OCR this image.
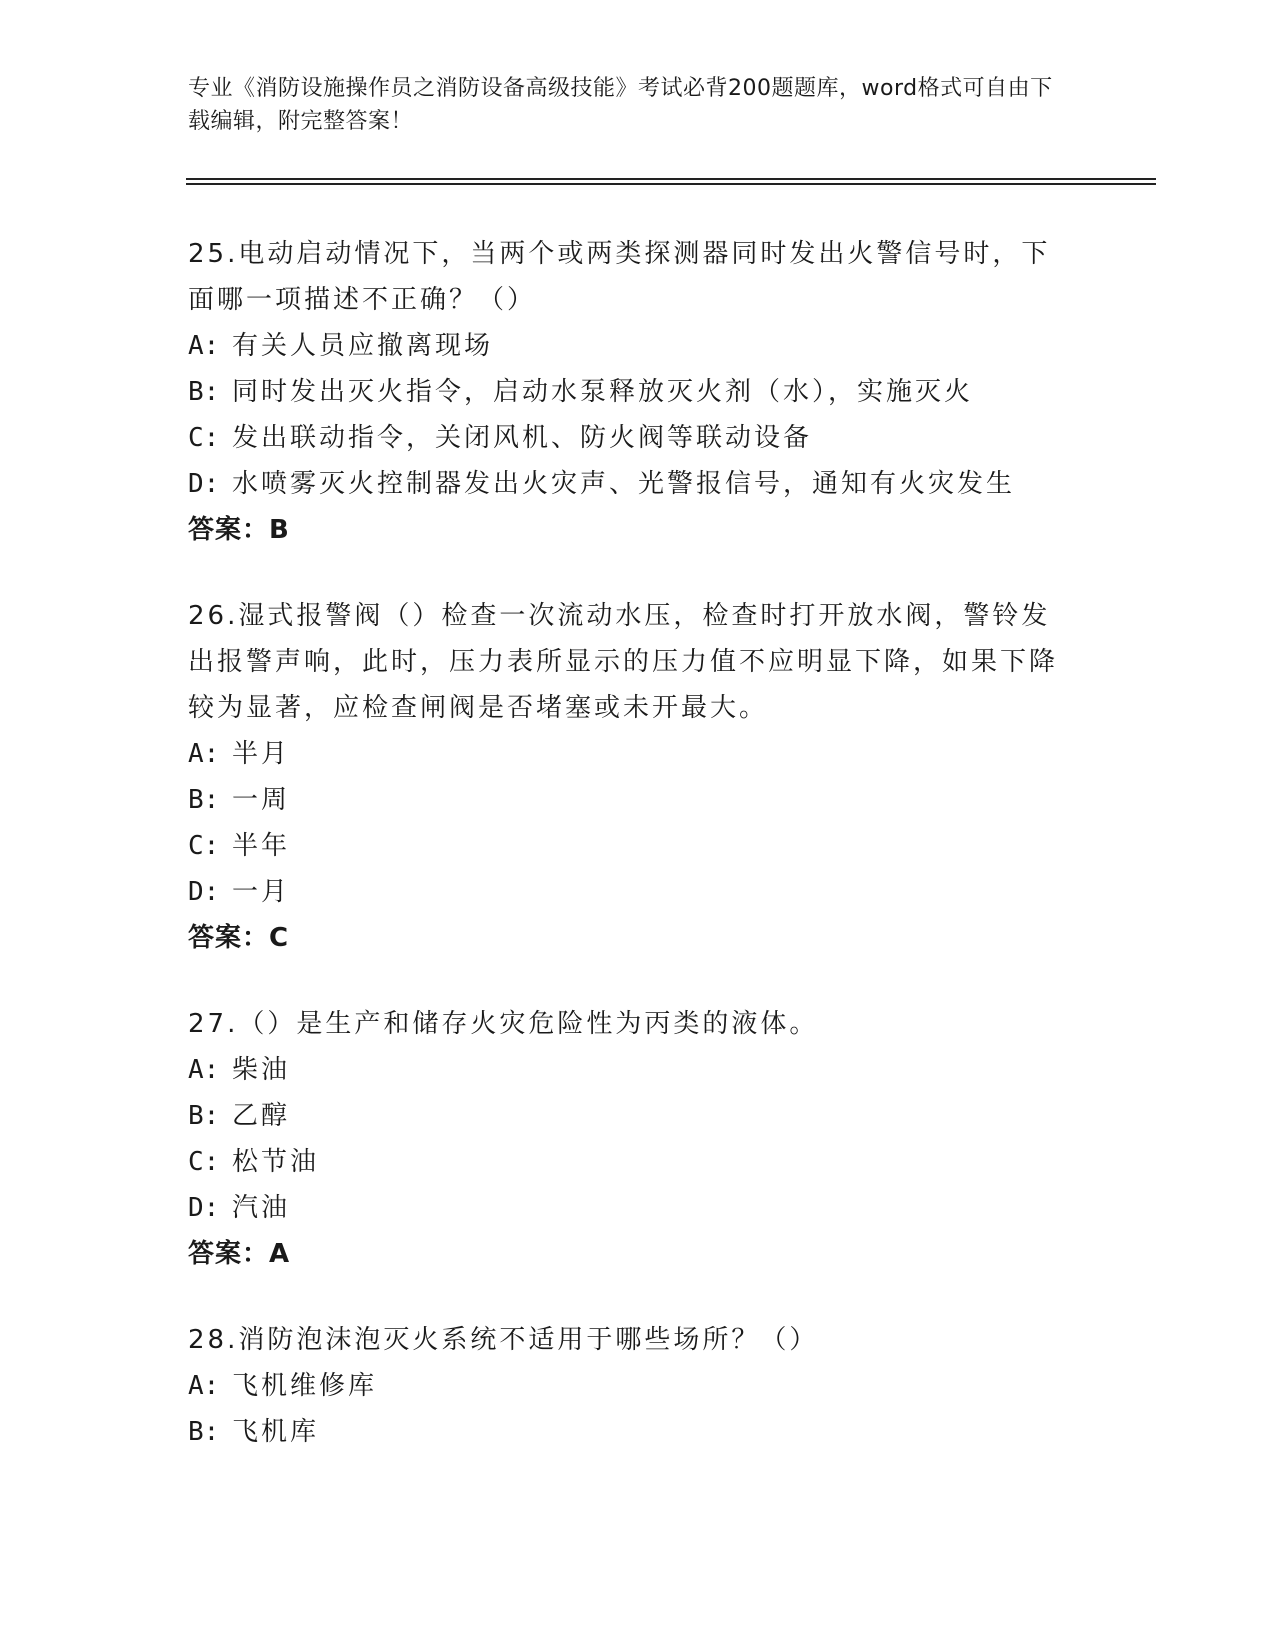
专业《消防设施操作员之消防设备高级技能》考试必背200题题库，word格式可自由下载编辑，附完整答案！

25.电动启动情况下，当两个或两类探测器同时发出火警信号时，下面哪一项描述不正确？（）

A: 有关人员应撤离现场

B: 同时发出灭火指令，启动水泵释放灭火剂（水），实施灭火

C: 发出联动指令，关闭风机、防火阀等联动设备

D: 水喷雾灭火控制器发出火灾声、光警报信号，通知有火灾发生

答案：B

26.湿式报警阀（）检查一次流动水压，检查时打开放水阀，警铃发出报警声响，此时，压力表所显示的压力值不应明显下降，如果下降较为显著，应检查闸阀是否堵塞或未开最大。

A: 半月

B: 一周

C: 半年

D: 一月

答案：C

27.（）是生产和储存火灾危险性为丙类的液体。

A: 柴油

B: 乙醇

C: 松节油

D: 汽油

答案：A

28.消防泡沫泡灭火系统不适用于哪些场所？（）

A: 飞机维修库

B: 飞机库
